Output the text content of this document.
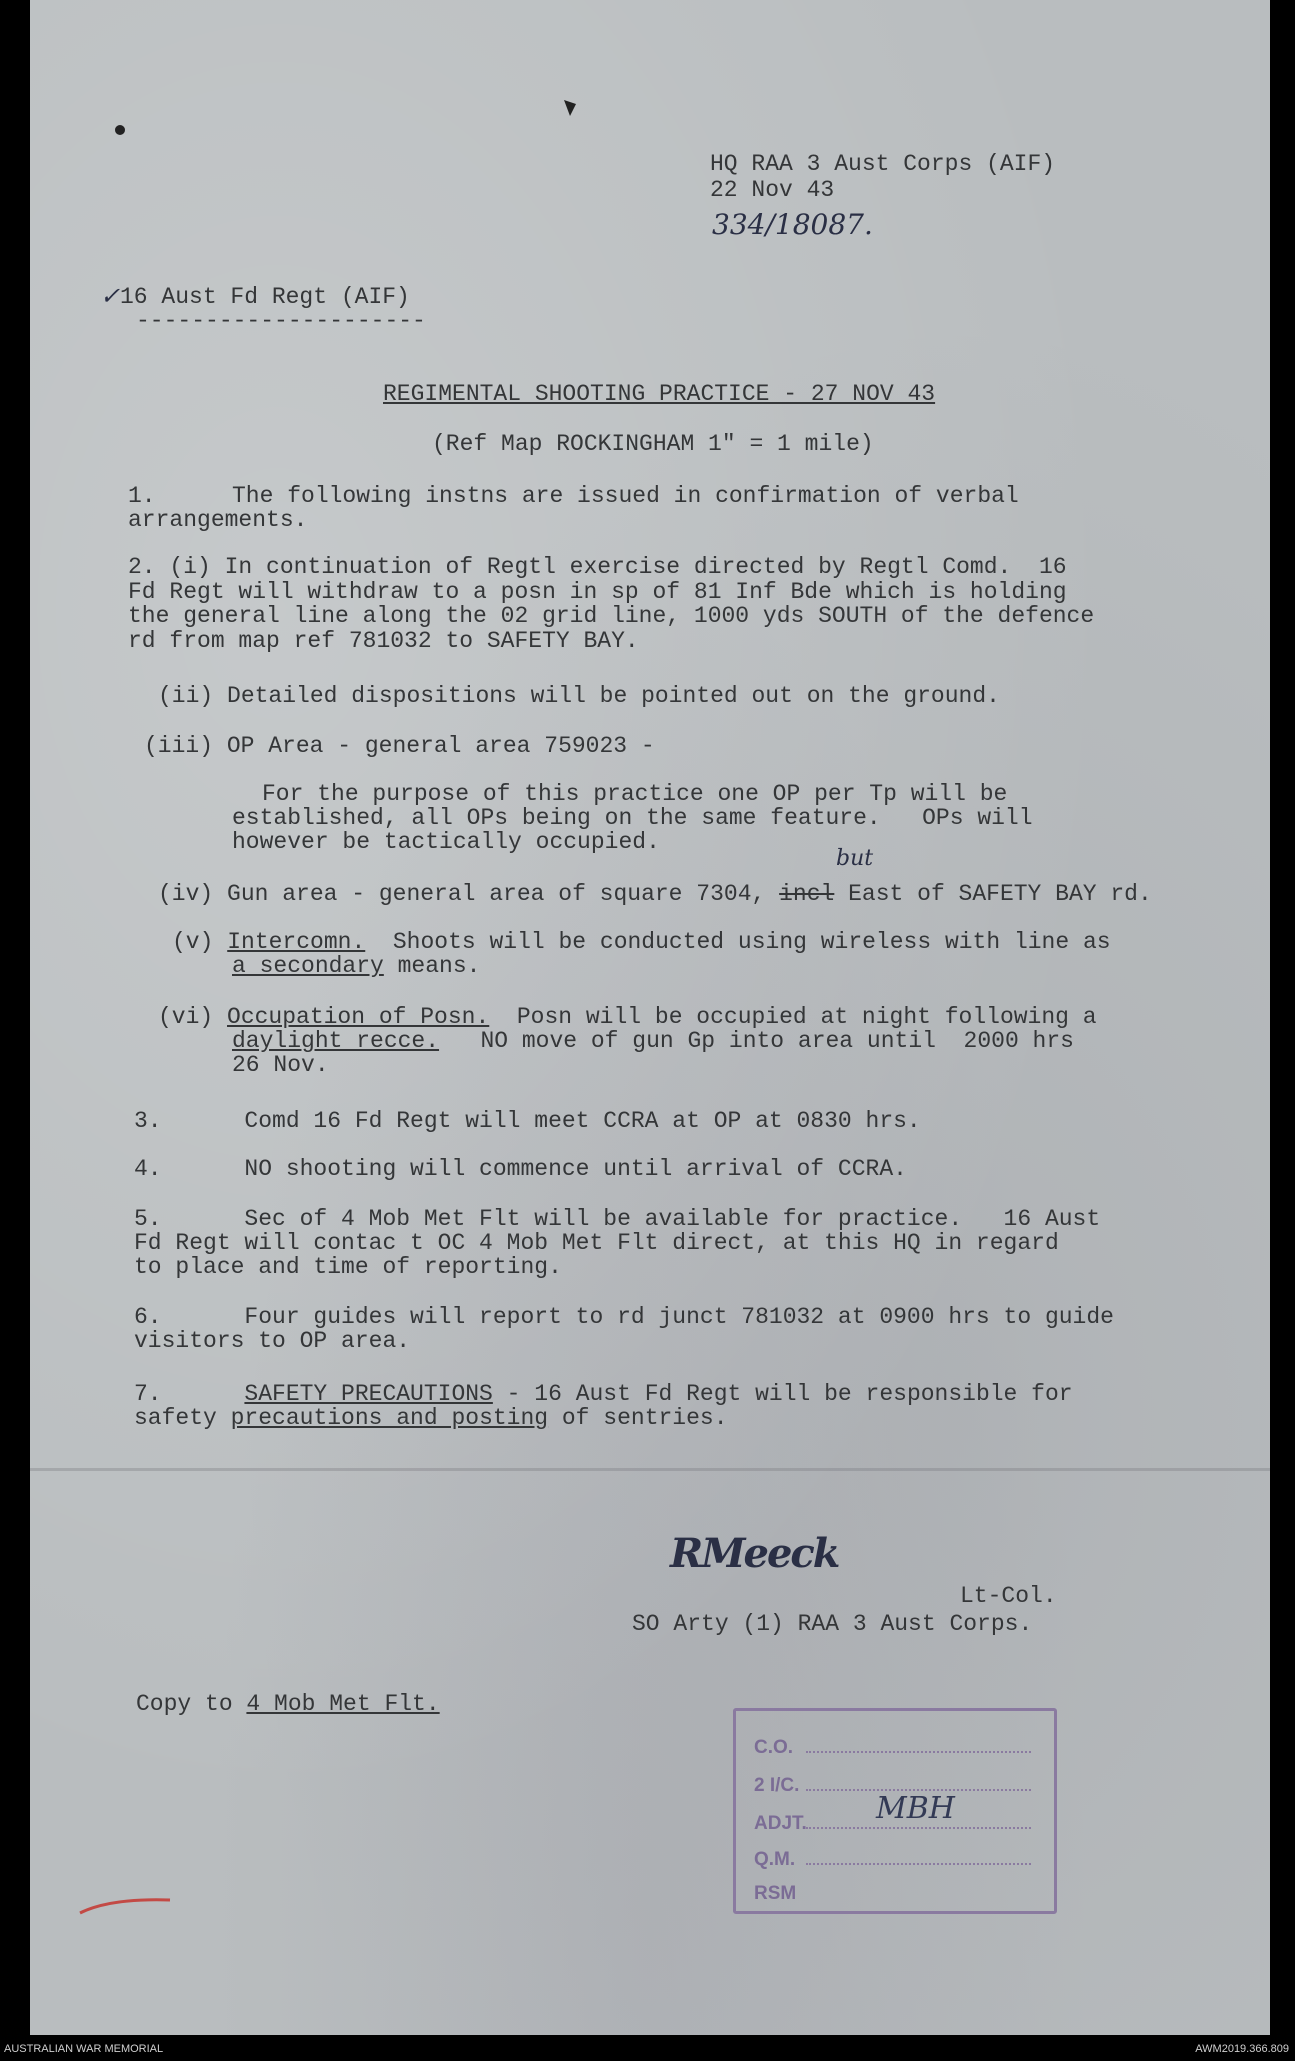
HQ RAA 3 Aust Corps (AIF)

22 Nov 43

334/18087.
✓ 16 Aust Fd Regt (AIF)

---------------------

REGIMENTAL SHOOTING PRACTICE - 27 NOV 43

(Ref Map ROCKINGHAM 1" = 1 mile)

1.	The following instns are issued in confirmation of verbal

arrangements.

2. (i) In continuation of Regtl exercise directed by Regtl Comd.  16

Fd Regt will withdraw to a posn in sp of 81 Inf Bde which is holding

the general line along the 02 grid line, 1000 yds SOUTH of the defence

rd from map ref 781032 to SAFETY BAY.

(ii) Detailed dispositions will be pointed out on the ground.

(iii) OP Area - general area 759023 -

For the purpose of this practice one OP per Tp will be

established, all OPs being on the same feature.   OPs will

however be tactically occupied.

but

(iv) Gun area - general area of square 7304, incl East of SAFETY BAY rd.

(v) Intercomn.  Shoots will be conducted using wireless with line as

a secondary means.

(vi) Occupation of Posn.  Posn will be occupied at night following a

daylight recce.   NO move of gun Gp into area until  2000 hrs

26 Nov.

3.      Comd 16 Fd Regt will meet CCRA at OP at 0830 hrs.

4.      NO shooting will commence until arrival of CCRA.

5.      Sec of 4 Mob Met Flt will be available for practice.   16 Aust

Fd Regt will contac t OC 4 Mob Met Flt direct, at this HQ in regard

to place and time of reporting.

6.      Four guides will report to rd junct 781032 at 0900 hrs to guide

visitors to OP area.

7.      SAFETY PRECAUTIONS - 16 Aust Fd Regt will be responsible for

safety precautions and posting of sentries.

RMeeck

Lt-Col.

SO Arty (1) RAA 3 Aust Corps.

Copy to 4 Mob Met Flt.

C.O.
2 I/C.
ADJT.
Q.M.
RSM
MBH
AUSTRALIAN WAR MEMORIAL	AWM2019.366.809
